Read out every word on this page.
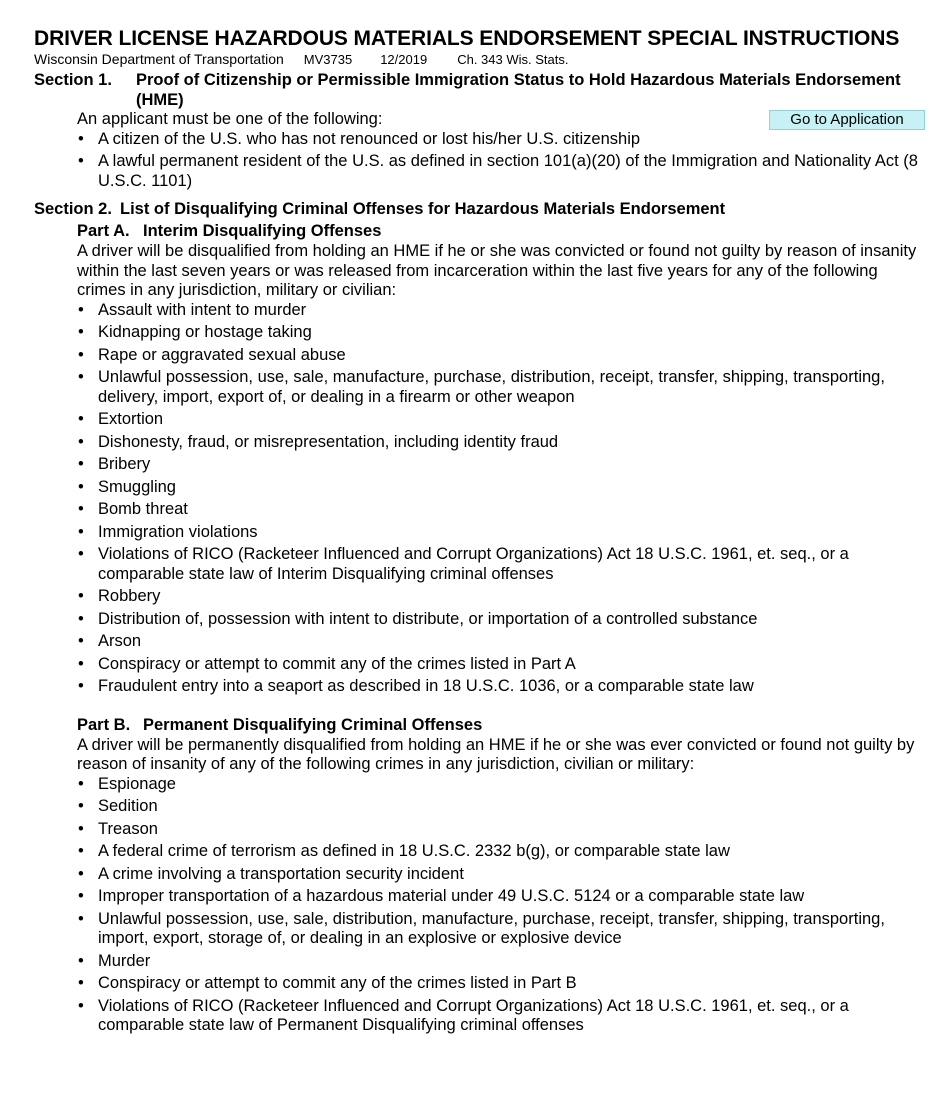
DRIVER LICENSE HAZARDOUS MATERIALS ENDORSEMENT SPECIAL INSTRUCTIONS
Wisconsin Department of Transportation MV3735 12/2019 Ch. 343 Wis. Stats.
Section 1.	Proof of Citizenship or Permissible Immigration Status to Hold Hazardous Materials Endorsement (HME)

An applicant must be one of the following:	Go to Application
• A citizen of the U.S. who has not renounced or lost his/her U.S. citizenship
• A lawful permanent resident of the U.S. as defined in section 101(a)(20) of the Immigration and Nationality Act (8 U.S.C. 1101)
Section 2. List of Disqualifying Criminal Offenses for Hazardous Materials Endorsement
Part A. Interim Disqualifying Offenses

A driver will be disqualified from holding an HME if he or she was convicted or found not guilty by reason of insanity within the last seven years or was released from incarceration within the last five years for any of the following crimes in any jurisdiction, military or civilian:

• Assault with intent to murder
• Kidnapping or hostage taking
• Rape or aggravated sexual abuse
• Unlawful possession, use, sale, manufacture, purchase, distribution, receipt, transfer, shipping, transporting, delivery, import, export of, or dealing in a firearm or other weapon
• Extortion
• Dishonesty, fraud, or misrepresentation, including identity fraud
• Bribery
• Smuggling
• Bomb threat
• Immigration violations
• Violations of RICO (Racketeer Influenced and Corrupt Organizations) Act 18 U.S.C. 1961, et. seq., or a comparable state law of Interim Disqualifying criminal offenses
• Robbery
• Distribution of, possession with intent to distribute, or importation of a controlled substance
• Arson
• Conspiracy or attempt to commit any of the crimes listed in Part A
• Fraudulent entry into a seaport as described in 18 U.S.C. 1036, or a comparable state law
Part B. Permanent Disqualifying Criminal Offenses

A driver will be permanently disqualified from holding an HME if he or she was ever convicted or found not guilty by reason of insanity of any of the following crimes in any jurisdiction, civilian or military:

• Espionage
• Sedition
• Treason
• A federal crime of terrorism as defined in 18 U.S.C. 2332 b(g), or comparable state law
• A crime involving a transportation security incident
• Improper transportation of a hazardous material under 49 U.S.C. 5124 or a comparable state law
• Unlawful possession, use, sale, distribution, manufacture, purchase, receipt, transfer, shipping, transporting, import, export, storage of, or dealing in an explosive or explosive device
• Murder
• Conspiracy or attempt to commit any of the crimes listed in Part B
• Violations of RICO (Racketeer Influenced and Corrupt Organizations) Act 18 U.S.C. 1961, et. seq., or a comparable state law of Permanent Disqualifying criminal offenses
